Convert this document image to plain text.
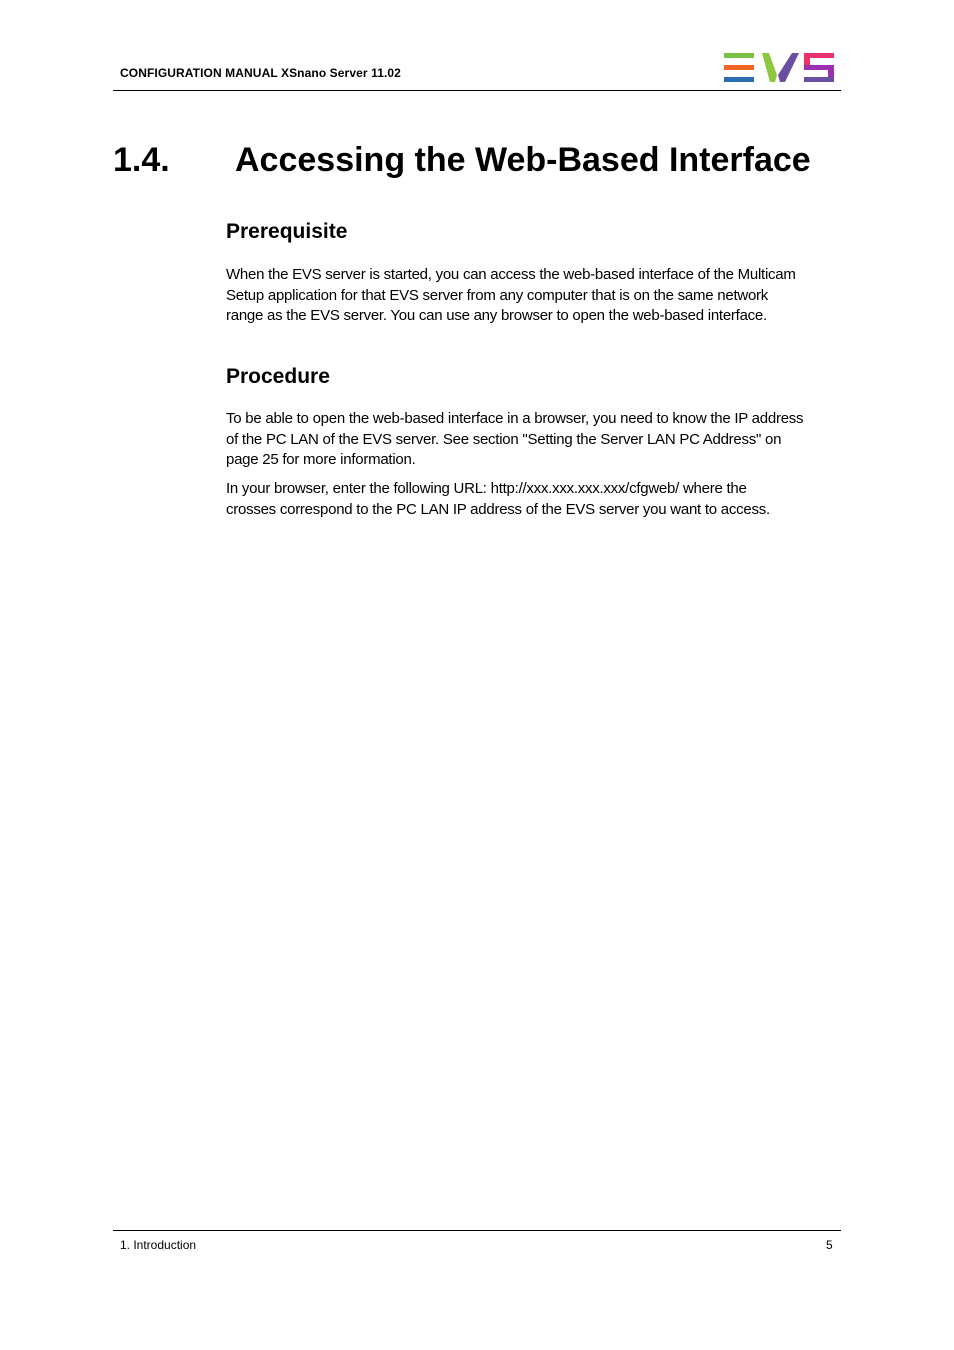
CONFIGURATION MANUAL XSnano Server 11.02
1.4. Accessing the Web-Based Interface
Prerequisite
When the EVS server is started, you can access the web-based interface of the Multicam
Setup application for that EVS server from any computer that is on the same network
range as the EVS server. You can use any browser to open the web-based interface.
Procedure
To be able to open the web-based interface in a browser, you need to know the IP address
of the PC LAN of the EVS server. See section "Setting the Server LAN PC Address" on
page 25 for more information.
In your browser, enter the following URL: http://xxx.xxx.xxx.xxx/cfgweb/ where the
crosses correspond to the PC LAN IP address of the EVS server you want to access.
1. Introduction	5
